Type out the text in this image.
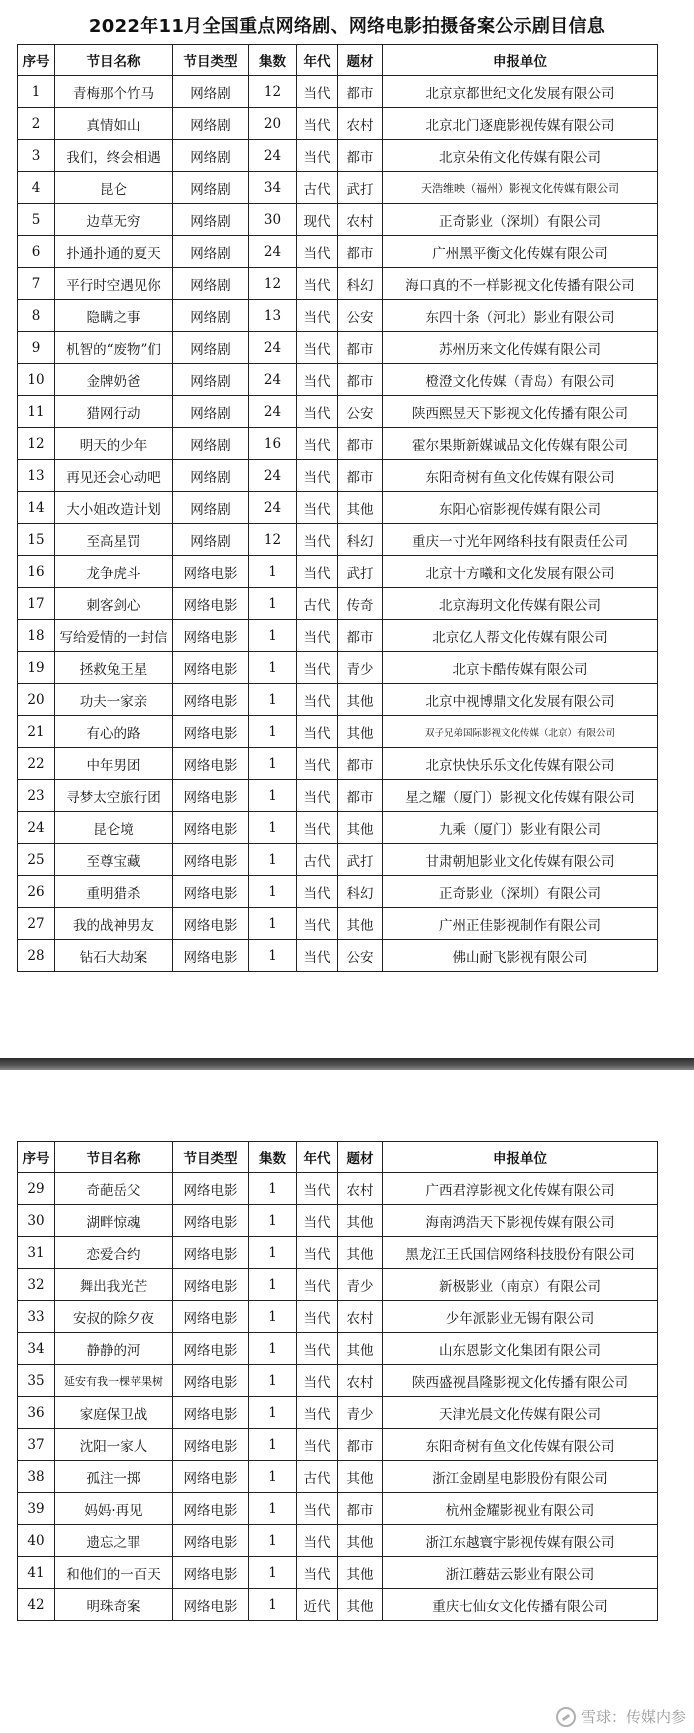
2022年11月全国重点网络剧、网络电影拍摄备案公示剧目信息
序号	节目名称	节目类型	集数	年代	题材	申报单位
1	青梅那个竹马	网络剧	12	当代	都市	北京京都世纪文化发展有限公司
2	真情如山	网络剧	20	当代	农村	北京北门逐鹿影视传媒有限公司
3	我们，终会相遇	网络剧	24	当代	都市	北京朵侑文化传媒有限公司
4	昆仑	网络剧	34	古代	武打	天浩维映（福州）影视文化传媒有限公司
5	边草无穷	网络剧	30	现代	农村	正奇影业（深圳）有限公司
6	扑通扑通的夏天	网络剧	24	当代	都市	广州黑平衡文化传媒有限公司
7	平行时空遇见你	网络剧	12	当代	科幻	海口真的不一样影视文化传播有限公司
8	隐瞒之事	网络剧	13	当代	公安	东四十条（河北）影业有限公司
9	机智的“废物”们	网络剧	24	当代	都市	苏州历来文化传媒有限公司
10	金牌奶爸	网络剧	24	当代	都市	橙澄文化传媒（青岛）有限公司
11	猎网行动	网络剧	24	当代	公安	陕西熙昱天下影视文化传播有限公司
12	明天的少年	网络剧	16	当代	都市	霍尔果斯新媒诚品文化传媒有限公司
13	再见还会心动吧	网络剧	24	当代	都市	东阳奇树有鱼文化传媒有限公司
14	大小姐改造计划	网络剧	24	当代	其他	东阳心宿影视传媒有限公司
15	至高星罚	网络剧	12	当代	科幻	重庆一寸光年网络科技有限责任公司
16	龙争虎斗	网络电影	1	当代	武打	北京十方曦和文化发展有限公司
17	刺客剑心	网络电影	1	古代	传奇	北京海玥文化传媒有限公司
18	写给爱情的一封信	网络电影	1	当代	都市	北京亿人帮文化传媒有限公司
19	拯救兔王星	网络电影	1	当代	青少	北京卡酷传媒有限公司
20	功夫一家亲	网络电影	1	当代	其他	北京中视博鼎文化发展有限公司
21	有心的路	网络电影	1	当代	其他	双子兄弟国际影视文化传媒（北京）有限公司
22	中年男团	网络电影	1	当代	都市	北京快快乐乐文化传媒有限公司
23	寻梦太空旅行团	网络电影	1	当代	都市	星之耀（厦门）影视文化传媒有限公司
24	昆仑境	网络电影	1	当代	其他	九乘（厦门）影业有限公司
25	至尊宝藏	网络电影	1	古代	武打	甘肃朝旭影业文化传媒有限公司
26	重明猎杀	网络电影	1	当代	科幻	正奇影业（深圳）有限公司
27	我的战神男友	网络电影	1	当代	其他	广州正佳影视制作有限公司
28	钻石大劫案	网络电影	1	当代	公安	佛山耐飞影视有限公司
序号	节目名称	节目类型	集数	年代	题材	申报单位
29	奇葩岳父	网络电影	1	当代	农村	广西君淳影视文化传媒有限公司
30	湖畔惊魂	网络电影	1	当代	其他	海南鸿浩天下影视传媒有限公司
31	恋爱合约	网络电影	1	当代	其他	黑龙江王氏国信网络科技股份有限公司
32	舞出我光芒	网络电影	1	当代	青少	新极影业（南京）有限公司
33	安叔的除夕夜	网络电影	1	当代	农村	少年派影业无锡有限公司
34	静静的河	网络电影	1	当代	其他	山东恩影文化集团有限公司
35	延安有我一棵苹果树	网络电影	1	当代	农村	陕西盛视昌隆影视文化传播有限公司
36	家庭保卫战	网络电影	1	当代	青少	天津光晨文化传媒有限公司
37	沈阳一家人	网络电影	1	当代	都市	东阳奇树有鱼文化传媒有限公司
38	孤注一掷	网络电影	1	古代	其他	浙江金剧星电影股份有限公司
39	妈妈·再见	网络电影	1	当代	都市	杭州金耀影视业有限公司
40	遗忘之罪	网络电影	1	当代	其他	浙江东越寰宇影视传媒有限公司
41	和他们的一百天	网络电影	1	当代	其他	浙江蘑菇云影业有限公司
42	明珠奇案	网络电影	1	近代	其他	重庆七仙女文化传播有限公司
雪球：传媒内参
